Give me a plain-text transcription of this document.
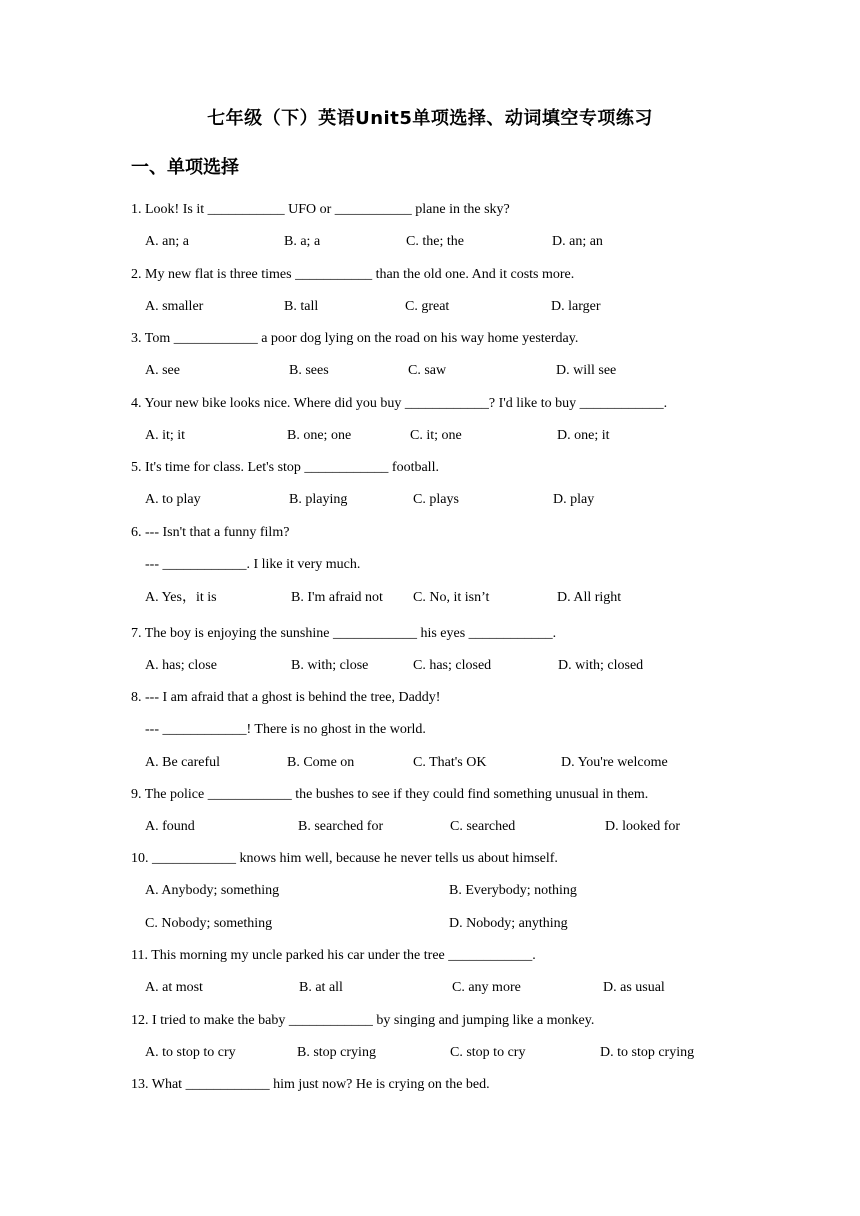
七年级（下）英语Unit5单项选择、动词填空专项练习
一、单项选择
1. Look! Is it ___________ UFO or ___________ plane in the sky?
A. an; a	B. a; a	C. the; the	D. an; an
2. My new flat is three times ___________ than the old one. And it costs more.
A. smaller	B. tall	C. great	D. larger
3. Tom ____________ a poor dog lying on the road on his way home yesterday.
A. see	B. sees	C. saw	D. will see
4. Your new bike looks nice. Where did you buy ____________? I'd like to buy ____________.
A. it; it	B. one; one	C. it; one	D. one; it
5. It's time for class. Let's stop ____________ football.
A. to play	B. playing	C. plays	D. play
6. --- Isn't that a funny film?
--- ____________. I like it very much.
A. Yes，it is	B. I'm afraid not C. No, it isn’t	D. All right
7. The boy is enjoying the sunshine ____________ his eyes ____________.
A. has; close	B. with; close	C. has; closed	D. with; closed
8. --- I am afraid that a ghost is behind the tree, Daddy!
--- ____________! There is no ghost in the world.
A. Be careful	B. Come on	C. That's OK	D. You're welcome
9. The police ____________ the bushes to see if they could find something unusual in them.
A. found	B. searched for	C. searched	D. looked for
10. ____________ knows him well, because he never tells us about himself.
A. Anybody; something	B. Everybody; nothing
C. Nobody; something	D. Nobody; anything
11. This morning my uncle parked his car under the tree ____________.
A. at most	B. at all	C. any more	D. as usual
12. I tried to make the baby ____________ by singing and jumping like a monkey.
A. to stop to cry	B. stop crying	C. stop to cry	D. to stop crying
13. What ____________ him just now? He is crying on the bed.
